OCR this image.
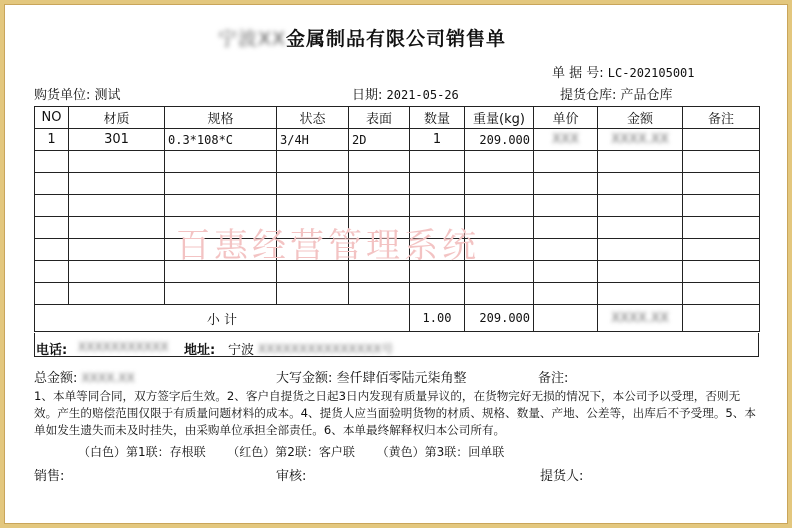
宁波XX金属制品有限公司销售单
单 据 号: LC-202105001
购货单位: 测试	日期: 2021-05-26	提货仓库: 产品仓库
NO	材质	规格	状态	表面	数量	重量(kg)	单价	金额	备注
1	301	0.3*108*C	3/4H	2D	1	209.000	XXX	XXXX.XX	

小 计					1.00	209.000		XXXX.XX	
电话: XXXXXXXXXXX 地址: 宁波 XXXXXXXXXXXXXXX号
百惠经营管理系统
总金额: XXXX.XX	大写金额: 叁仟肆佰零陆元柒角整	备注:
1、本单等同合同，双方签字后生效。2、客户自提货之日起3日内发现有质量异议的，在货物完好无损的情况下，本公司予以受理，否则无效。产生的赔偿范围仅限于有质量问题材料的成本。4、提货人应当面验明货物的材质、规格、数量、产地、公差等，出库后不予受理。5、本单如发生遗失而未及时挂失，由采购单位承担全部责任。6、本单最终解释权归本公司所有。
（白色）第1联：存根联 （红色）第2联：客户联 （黄色）第3联：回单联
销售:	审核:	提货人:
